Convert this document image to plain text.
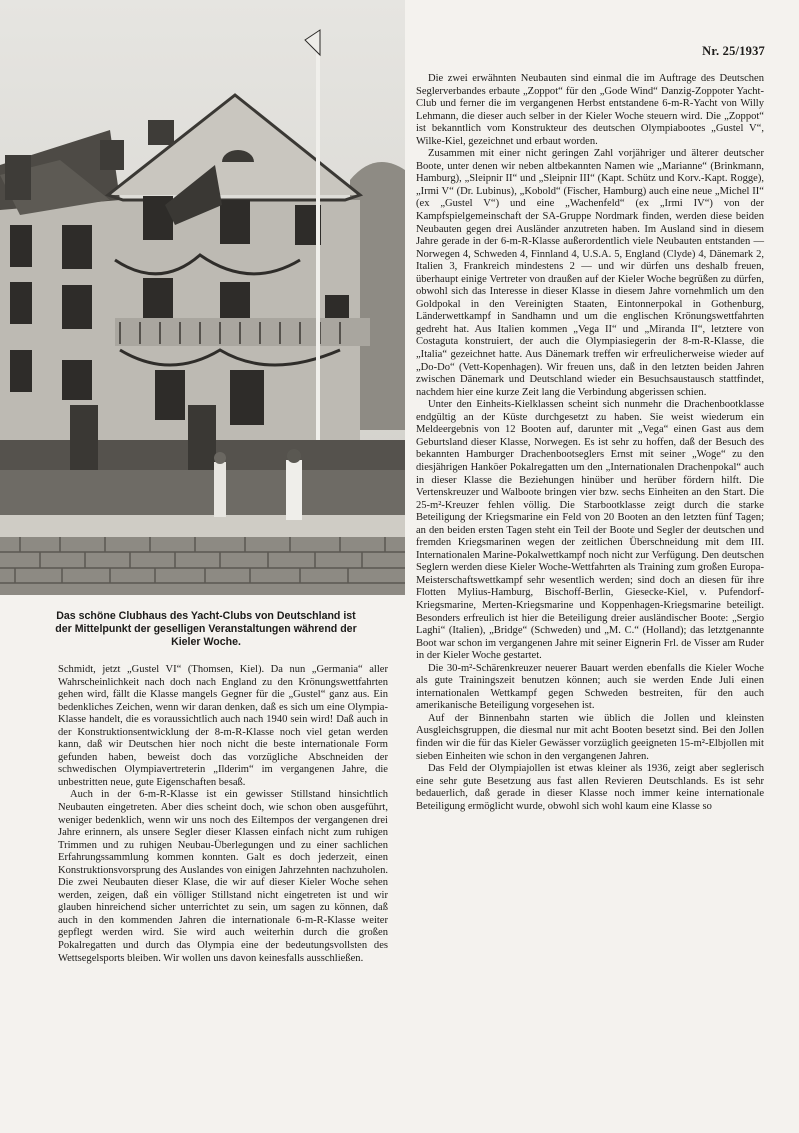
Nr. 25/1937
Das schöne Clubhaus des Yacht-Clubs von Deutschland ist der Mittelpunkt der geselligen Veranstaltungen während der Kieler Woche.

Schmidt, jetzt „Gustel VI“ (Thomsen, Kiel). Da nun „Germania“ aller Wahrscheinlichkeit nach doch nach England zu den Krönungswettfahrten gehen wird, fällt die Klasse mangels Gegner für die „Gustel“ ganz aus. Ein bedenkliches Zeichen, wenn wir daran denken, daß es sich um eine Olympia-Klasse handelt, die es voraussichtlich auch nach 1940 sein wird! Daß auch in der Konstruktionsentwicklung der 8-m-R-Klasse noch viel getan werden kann, daß wir Deutschen hier noch nicht die beste internationale Form gefunden haben, beweist doch das vorzügliche Abschneiden der schwedischen Olympiavertreterin „Ilderim“ im vergangenen Jahre, die unbestritten neue, gute Eigenschaften besaß.

Auch in der 6-m-R-Klasse ist ein gewisser Stillstand hinsichtlich Neubauten eingetreten. Aber dies scheint doch, wie schon oben ausgeführt, weniger bedenklich, wenn wir uns noch des Eiltempos der vergangenen drei Jahre erinnern, als unsere Segler dieser Klassen einfach nicht zum ruhigen Trimmen und zu ruhigen Neubau-Überlegungen und zu einer sachlichen Erfahrungssammlung kommen konnten. Galt es doch jederzeit, einen Konstruktionsvorsprung des Auslandes von einigen Jahrzehnten nachzuholen. Die zwei Neubauten dieser Klase, die wir auf dieser Kieler Woche sehen werden, zeigen, daß ein völliger Stillstand nicht eingetreten ist und wir glauben hinreichend sicher unterrichtet zu sein, um sagen zu können, daß auch in den kommenden Jahren die internationale 6-m-R-Klasse weiter gepflegt werden wird. Sie wird auch weiterhin durch die großen Pokalregatten und durch das Olympia eine der bedeutungsvollsten des Wettsegelsports bleiben. Wir wollen uns davon keinesfalls ausschließen.

Die zwei erwähnten Neubauten sind einmal die im Auftrage des Deutschen Seglerverbandes erbaute „Zoppot“ für den „Gode Wind“ Danzig-Zoppoter Yacht-Club und ferner die im vergangenen Herbst entstandene 6-m-R-Yacht von Willy Lehmann, die dieser auch selber in der Kieler Woche steuern wird. Die „Zoppot“ ist bekanntlich vom Konstrukteur des deutschen Olympiabootes „Gustel V“, Wilke-Kiel, gezeichnet und erbaut worden.

Zusammen mit einer nicht geringen Zahl vorjähriger und älterer deutscher Boote, unter denen wir neben altbekannten Namen wie „Marianne“ (Brinkmann, Hamburg), „Sleipnir II“ und „Sleipnir III“ (Kapt. Schütz und Korv.-Kapt. Rogge), „Irmi V“ (Dr. Lubinus), „Kobold“ (Fischer, Hamburg) auch eine neue „Michel II“ (ex „Gustel V“) und eine „Wachenfeld“ (ex „Irmi IV“) von der Kampfspielgemeinschaft der SA-Gruppe Nordmark finden, werden diese beiden Neubauten gegen drei Ausländer anzutreten haben. Im Ausland sind in diesem Jahre gerade in der 6-m-R-Klasse außerordentlich viele Neubauten entstanden — Norwegen 4, Schweden 4, Finnland 4, U.S.A. 5, England (Clyde) 4, Dänemark 2, Italien 3, Frankreich mindestens 2 — und wir dürfen uns deshalb freuen, überhaupt einige Vertreter von draußen auf der Kieler Woche begrüßen zu dürfen, obwohl sich das Interesse in dieser Klasse in diesem Jahre vornehmlich um den Goldpokal in den Vereinigten Staaten, Eintonnerpokal in Gothenburg, Länderwettkampf in Sandhamn und um die englischen Krönungswettfahrten gedreht hat. Aus Italien kommen „Vega II“ und „Miranda II“, letztere von Costaguta konstruiert, der auch die Olympiasiegerin der 8-m-R-Klasse, die „Italia“ gezeichnet hatte. Aus Dänemark treffen wir erfreulicherweise wieder auf „Do-Do“ (Vett-Kopenhagen). Wir freuen uns, daß in den letzten beiden Jahren zwischen Dänemark und Deutschland wieder ein Besuchsaustausch stattfindet, nachdem hier eine kurze Zeit lang die Verbindung abgerissen schien.

Unter den Einheits-Kielklassen scheint sich nunmehr die Drachenbootklasse endgültig an der Küste durchgesetzt zu haben. Sie weist wiederum ein Meldeergebnis von 12 Booten auf, darunter mit „Vega“ einen Gast aus dem Geburtsland dieser Klasse, Norwegen. Es ist sehr zu hoffen, daß der Besuch des bekannten Hamburger Drachenbootseglers Ernst mit seiner „Woge“ zu den diesjährigen Hanköer Pokalregatten um den „Internationalen Drachenpokal“ auch in dieser Klasse die Beziehungen hinüber und herüber fördern hilft. Die Vertenskreuzer und Walboote bringen vier bzw. sechs Einheiten an den Start. Die 25-m²-Kreuzer fehlen völlig. Die Starbootklasse zeigt durch die starke Beteiligung der Kriegsmarine ein Feld von 20 Booten an den letzten fünf Tagen; an den beiden ersten Tagen steht ein Teil der Boote und Segler der deutschen und fremden Kriegsmarinen wegen der zeitlichen Überschneidung mit dem III. Internationalen Marine-Pokalwettkampf noch nicht zur Verfügung. Den deutschen Seglern werden diese Kieler Woche-Wettfahrten als Training zum großen Europa-Meisterschaftswettkampf sehr wesentlich werden; sind doch an diesen für ihre Flotten Mylius-Hamburg, Bischoff-Berlin, Giesecke-Kiel, v. Pufendorf-Kriegsmarine, Merten-Kriegsmarine und Koppenhagen-Kriegsmarine beteiligt. Besonders erfreulich ist hier die Beteiligung dreier ausländischer Boote: „Sergio Laghi“ (Italien), „Bridge“ (Schweden) und „M. C.“ (Holland); das letztgenannte Boot war schon im vergangenen Jahre mit seiner Eignerin Frl. de Visser am Ruder in der Kieler Woche gestartet.

Die 30-m²-Schärenkreuzer neuerer Bauart werden ebenfalls die Kieler Woche als gute Trainingszeit benutzen können; auch sie werden Ende Juli einen internationalen Wettkampf gegen Schweden bestreiten, für den auch amerikanische Beteiligung vorgesehen ist.

Auf der Binnenbahn starten wie üblich die Jollen und kleinsten Ausgleichsgruppen, die diesmal nur mit acht Booten besetzt sind. Bei den Jollen finden wir die für das Kieler Gewässer vorzüglich geeigneten 15-m²-Elbjollen mit sieben Einheiten wie schon in den vergangenen Jahren.

Das Feld der Olympiajollen ist etwas kleiner als 1936, zeigt aber seglerisch eine sehr gute Besetzung aus fast allen Revieren Deutschlands. Es ist sehr bedauerlich, daß gerade in dieser Klasse noch immer keine internationale Beteiligung ermöglicht wurde, obwohl sich wohl kaum eine Klasse so
